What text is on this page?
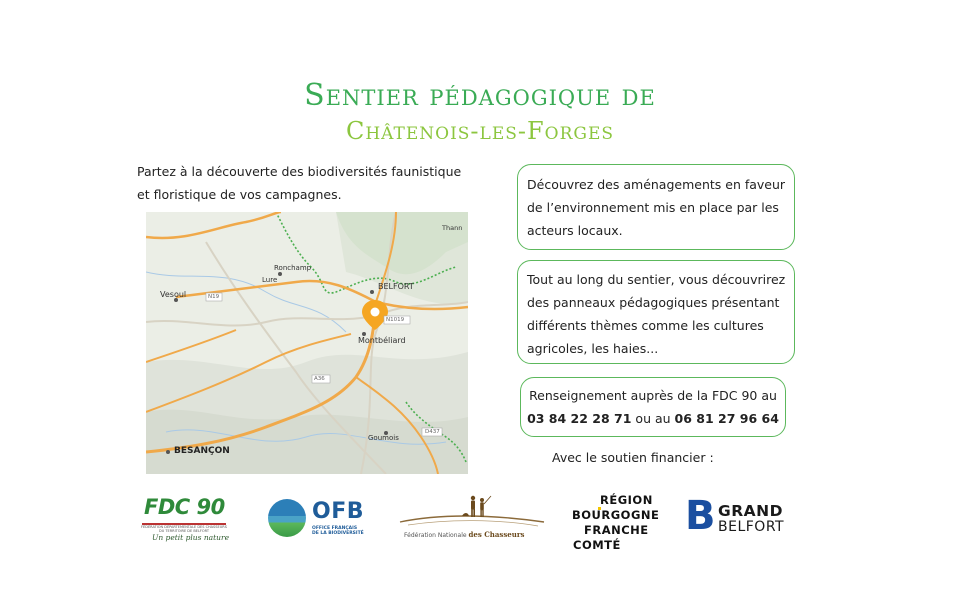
Sentier pédagogique de
Châtenois-les-Forges
Partez à la découverte des biodiversités faunistique
et floristique de vos campagnes.
Vesoul
Ronchamp
Lure
BELFORT
Montbéliard
BESANÇON
Goumois
Thann
N19
N1019
A36
D437
Découvrez des aménagements en faveur
de l’environnement mis en place par les
acteurs locaux.
Tout au long du sentier, vous découvrirez
des panneaux pédagogiques présentant
différents thèmes comme les cultures
agricoles, les haies...
Renseignement auprès de la FDC 90 au
03 84 22 28 71 ou au 06 81 27 96 64
Avec le soutien financier :
FDC 90
FÉDÉRATION DÉPARTEMENTALE DES CHASSEURS DU TERRITOIRE DE BELFORT
Un petit plus nature
OFB
OFFICE FRANÇAIS
DE LA BIODIVERSITÉ	Fédération Nationale des Chasseurs
RÉGION
BOURGOGNE
FRANCHE
COMTÉ
B GRAND
BELFORT
